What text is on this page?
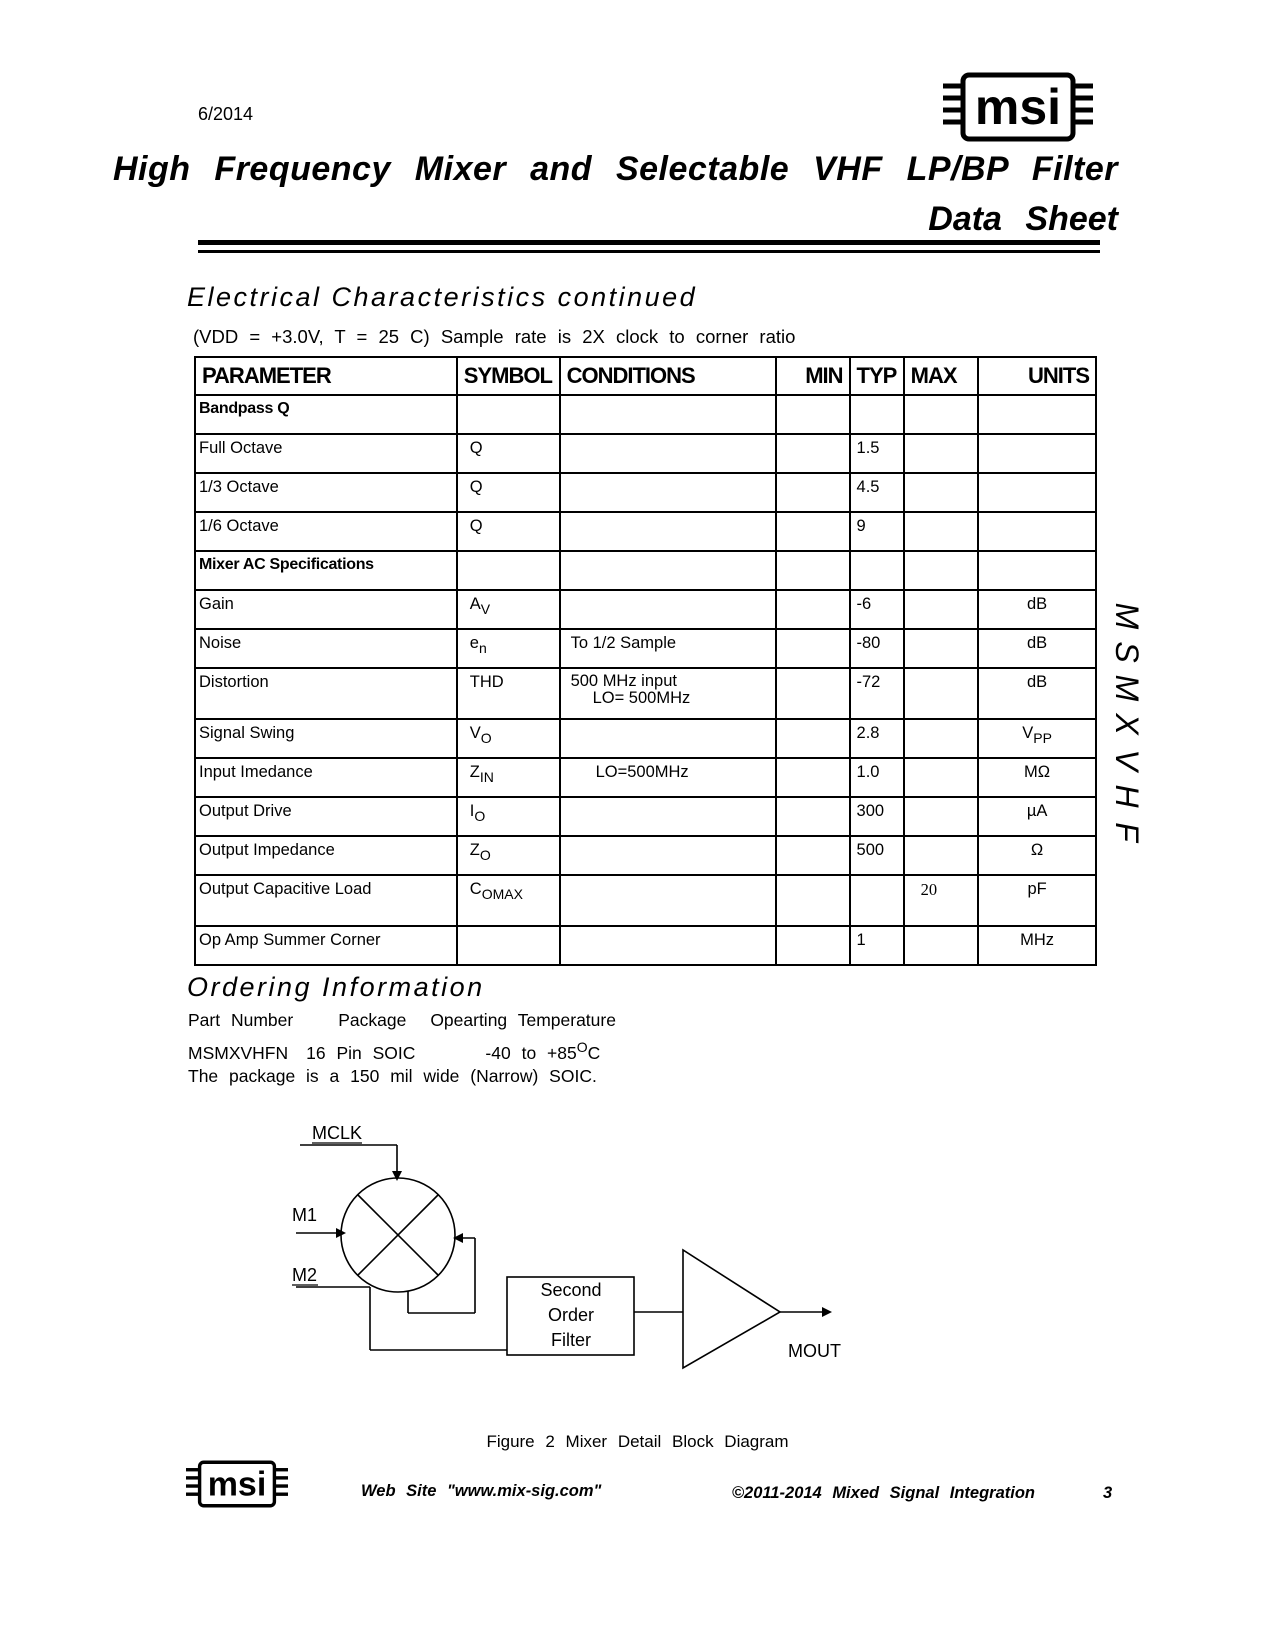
6/2014	msi
High Frequency Mixer and Selectable VHF LP/BP Filter
Data Sheet
Electrical Characteristics continued
(VDD = +3.0V, T = 25 C) Sample rate is 2X clock to corner ratio
PARAMETER	SYMBOL	CONDITIONS	MIN	TYP	MAX	UNITS
Bandpass Q						
Full Octave	Q			1.5		
1/3 Octave	Q			4.5		
1/6 Octave	Q			9		
Mixer AC Specifications						
Gain	$A_V$			-6		dB
Noise	$e_n$	To 1/2 Sample		-80		dB
Distortion	THD	500 MHz input
LO= 500MHz		-72		dB
Signal Swing	$V_O$			2.8		$V_{PP}$
Input Imedance	$Z_{IN}$	LO=500MHz		1.0		MΩ
Output Drive	$I_O$			300		µA
Output Impedance	$Z_O$			500		Ω
Output Capacitive Load	$C_{OMAX}$				20	pF
Op Amp Summer Corner				1		MHz
M
S
M
X
V
H
F
Ordering Information
Part Number	Package Opearting Temperature
MSMXVHFN 16 Pin SOIC	-40 to $+85^OC$
The package is a 150 mil wide (Narrow) SOIC.
MCLK
M1
M2
Second
Order
Filter
MOUT
Figure 2 Mixer Detail Block Diagram
msi	Web Site "www.mix-sig.com"	©2011-2014 Mixed Signal Integration	3
